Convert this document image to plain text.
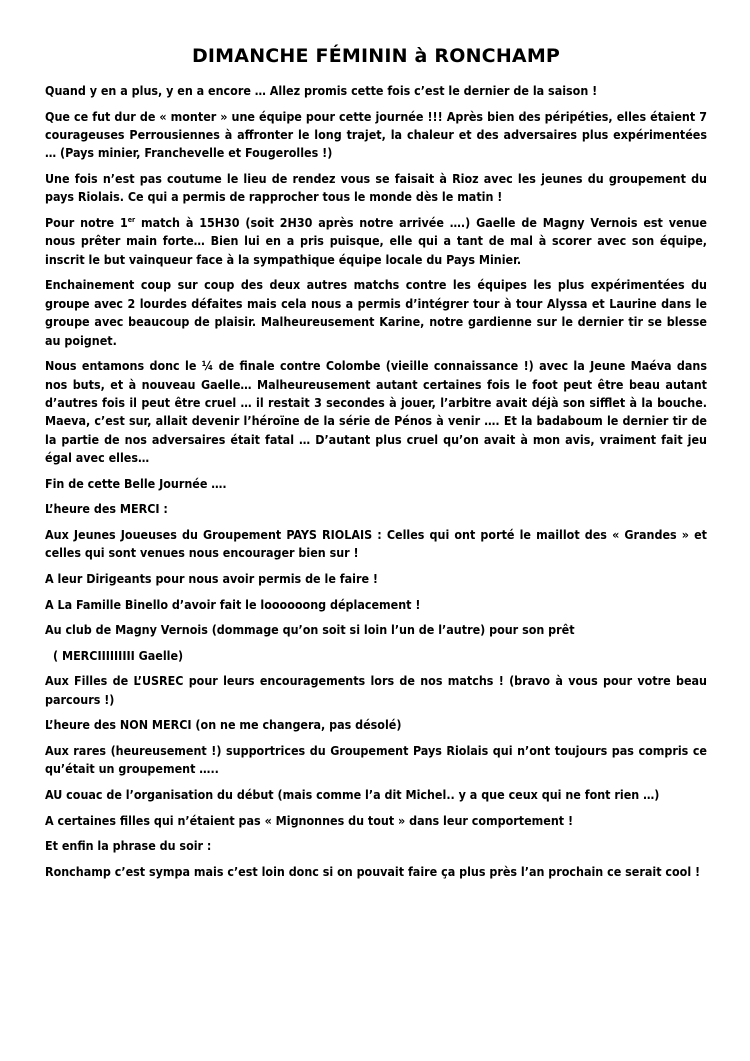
DIMANCHE FÉMININ à RONCHAMP

Quand y en a plus, y en a encore … Allez promis cette fois c’est le dernier de la saison !

Que ce fut dur de « monter » une équipe pour cette journée !!! Après bien des péripéties, elles étaient 7 courageuses Perrousiennes à affronter le long trajet, la chaleur et des adversaires plus expérimentées … (Pays minier, Franchevelle et Fougerolles !)

Une fois n’est pas coutume le lieu de rendez vous se faisait à Rioz avec les jeunes du groupement du pays Riolais. Ce qui a permis de rapprocher tous le monde dès le matin !

Pour notre 1er match à 15H30 (soit 2H30 après notre arrivée ….) Gaelle de Magny Vernois est venue nous prêter main forte… Bien lui en a pris puisque, elle qui a tant de mal à scorer avec son équipe, inscrit le but vainqueur face à la sympathique équipe locale du Pays Minier.

Enchainement coup sur coup des deux autres matchs contre les équipes les plus expérimentées du groupe avec 2 lourdes défaites mais cela nous a permis d’intégrer tour à tour Alyssa et Laurine dans le groupe avec beaucoup de plaisir. Malheureusement Karine, notre gardienne sur le dernier tir se blesse au poignet.

Nous entamons donc le ¼ de finale contre Colombe (vieille connaissance !) avec la Jeune Maéva dans nos buts, et à nouveau Gaelle… Malheureusement autant certaines fois le foot peut être beau autant d’autres fois il peut être cruel … il restait 3 secondes à jouer, l’arbitre avait déjà son sifflet à la bouche. Maeva, c’est sur, allait devenir l’héroïne de la série de Pénos à venir …. Et la badaboum le dernier tir de la partie de nos adversaires était fatal … D’autant plus cruel qu’on avait à mon avis, vraiment fait jeu égal avec elles…

Fin de cette Belle Journée ….

L’heure des MERCI :

Aux Jeunes Joueuses du Groupement PAYS RIOLAIS : Celles qui ont porté le maillot des « Grandes » et celles qui sont venues nous encourager bien sur !

A leur Dirigeants pour nous avoir permis de le faire !

A La Famille Binello d’avoir fait le loooooong déplacement !

Au club de Magny Vernois (dommage qu’on soit si loin l’un de l’autre) pour son prêt

( MERCIIIIIIIII Gaelle)

Aux Filles de L’USREC pour leurs encouragements lors de nos matchs ! (bravo à vous pour votre beau parcours !)

L’heure des NON MERCI (on ne me changera, pas désolé)

Aux rares (heureusement !) supportrices du Groupement Pays Riolais qui n’ont toujours pas compris ce qu’était un groupement …..

AU couac de l’organisation du début (mais comme l’a dit Michel.. y a que ceux qui ne font rien …)

A certaines filles qui n’étaient pas « Mignonnes du tout » dans leur comportement !

Et enfin la phrase du soir :

Ronchamp c’est sympa mais c’est loin donc si on pouvait faire ça plus près l’an prochain ce serait cool !
